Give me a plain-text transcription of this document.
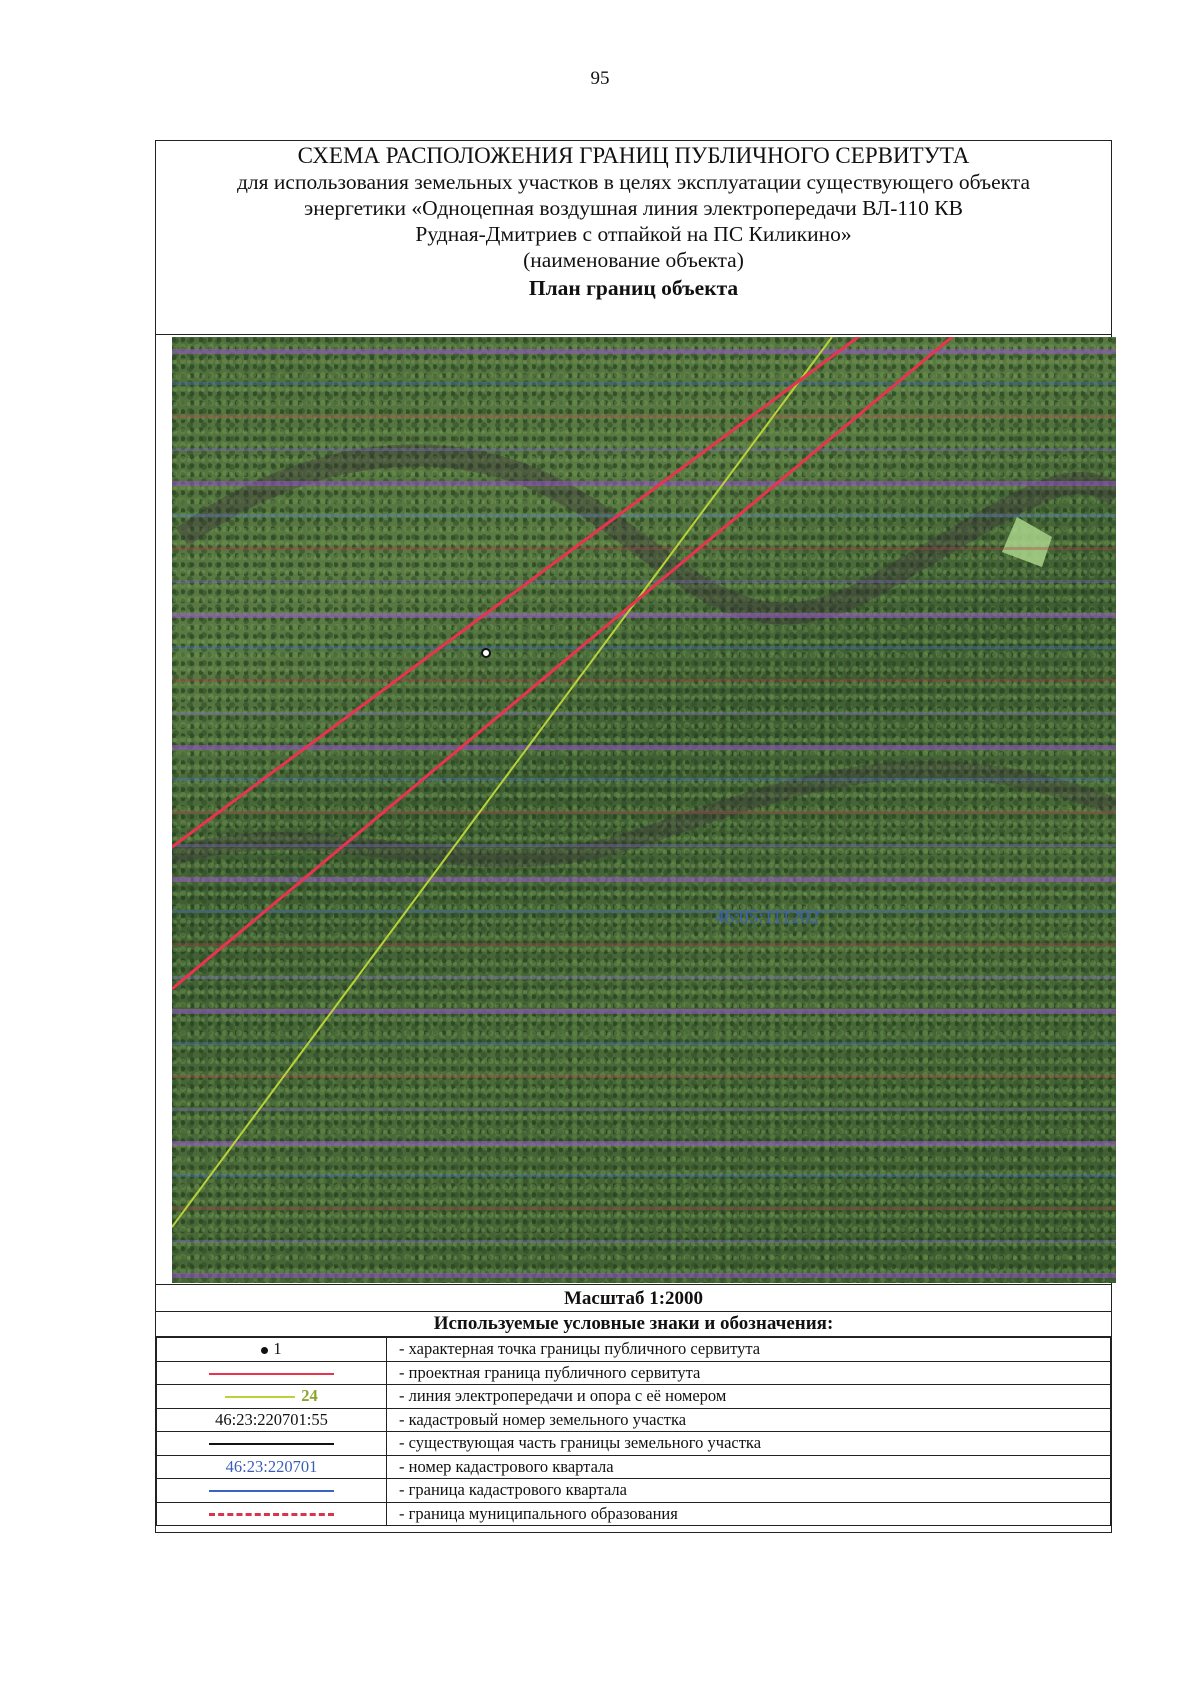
95
СХЕМА РАСПОЛОЖЕНИЯ ГРАНИЦ ПУБЛИЧНОГО СЕРВИТУТА
для использования земельных участков в целях эксплуатации существующего объекта
энергетики «Одноцепная воздушная линия электропередачи ВЛ-110 КВ
Рудная-Дмитриев с отпайкой на ПС Киликино»
(наименование объекта)
План границ объекта
46:05:111202
Масштаб 1:2000
Используемые условные знаки и обозначения:
1	- характерная точка границы публичного сервитута
	- проектная граница публичного сервитута
24	- линия электропередачи и опора с её номером
46:23:220701:55	- кадастровый номер земельного участка
	- существующая часть границы земельного участка
46:23:220701	- номер кадастрового квартала
	- граница кадастрового квартала
	- граница муниципального образования
